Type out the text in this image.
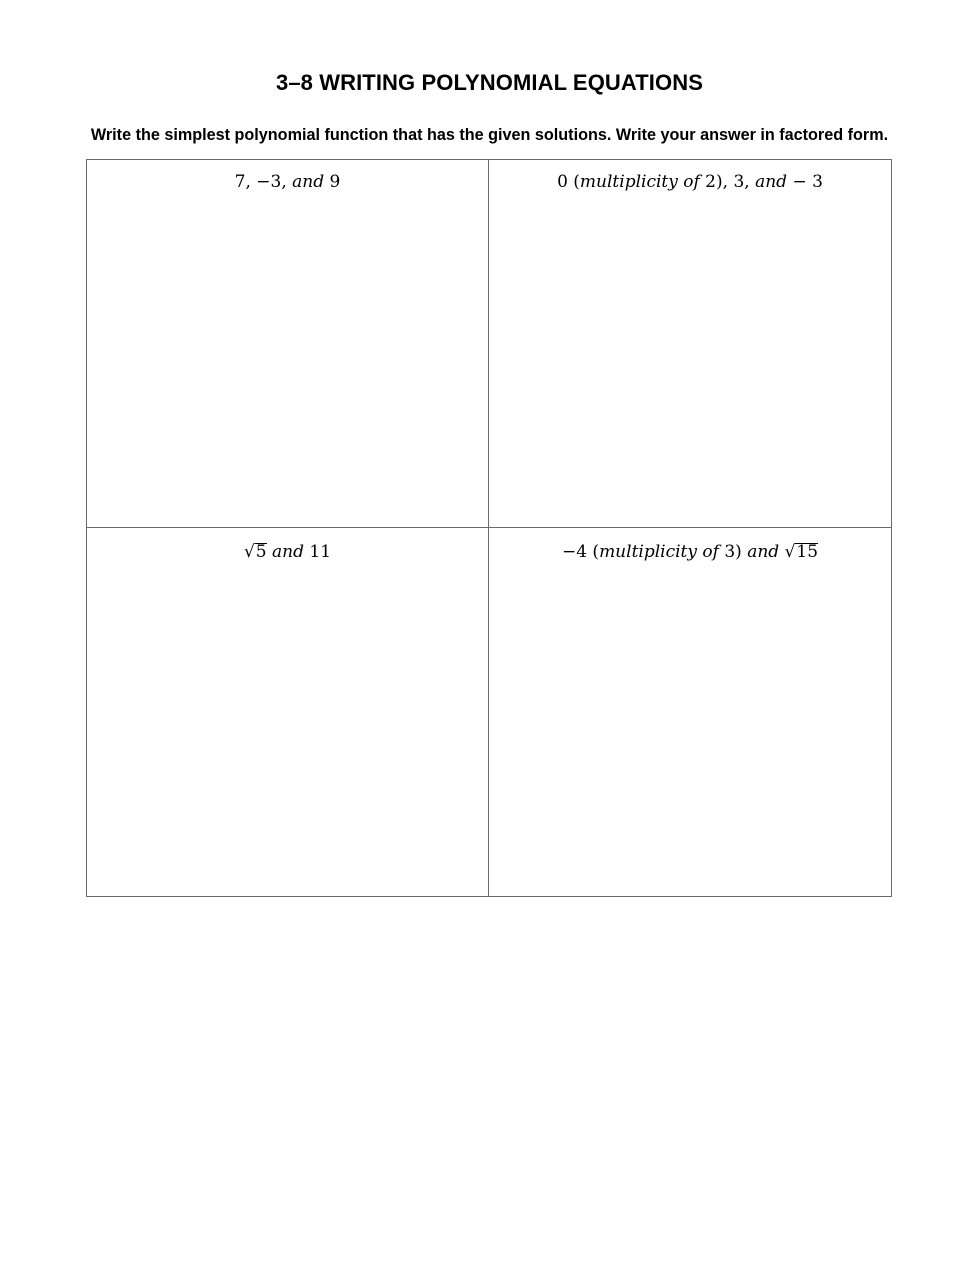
3–8 WRITING POLYNOMIAL EQUATIONS
Write the simplest polynomial function that has the given solutions. Write your answer in factored form.
7, −3, and 9	0 (multiplicity of 2), 3, and − 3
√5 and 11	−4 (multiplicity of 3) and √15
